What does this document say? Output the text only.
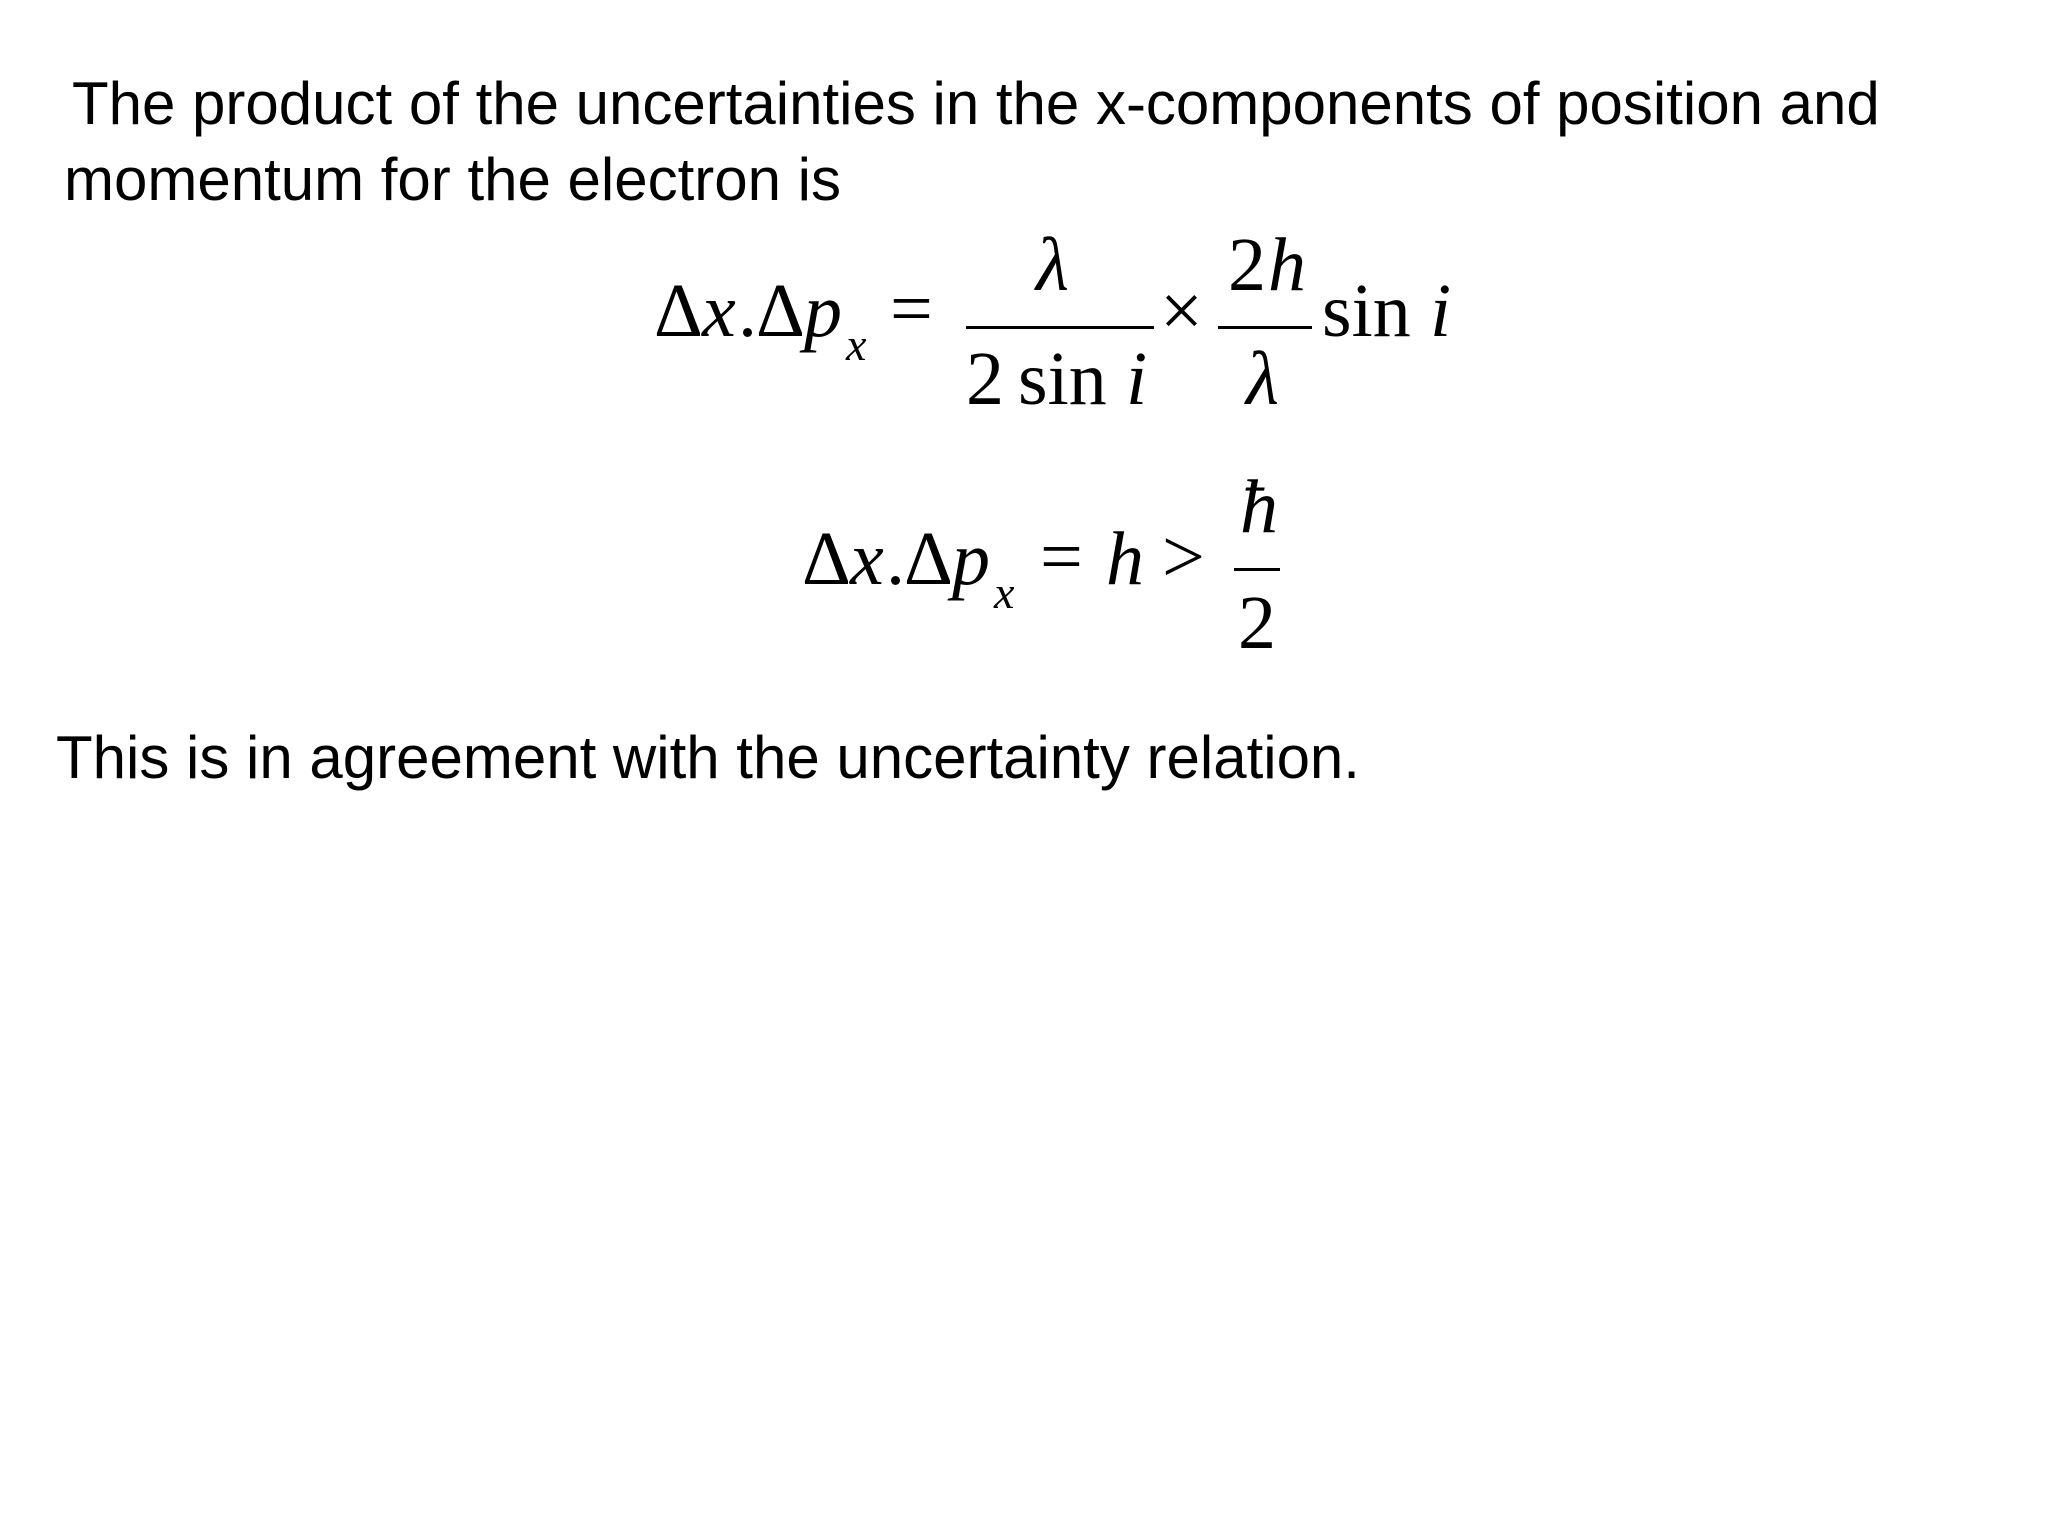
The product of the uncertainties in the x-components of position and
momentum for the electron is
Δ x . Δ p x =
λ
2 sin i
×
2 h
λ
sin i
Δ x . Δ p x = h >
ħ
2
This is in agreement with the uncertainty relation.
